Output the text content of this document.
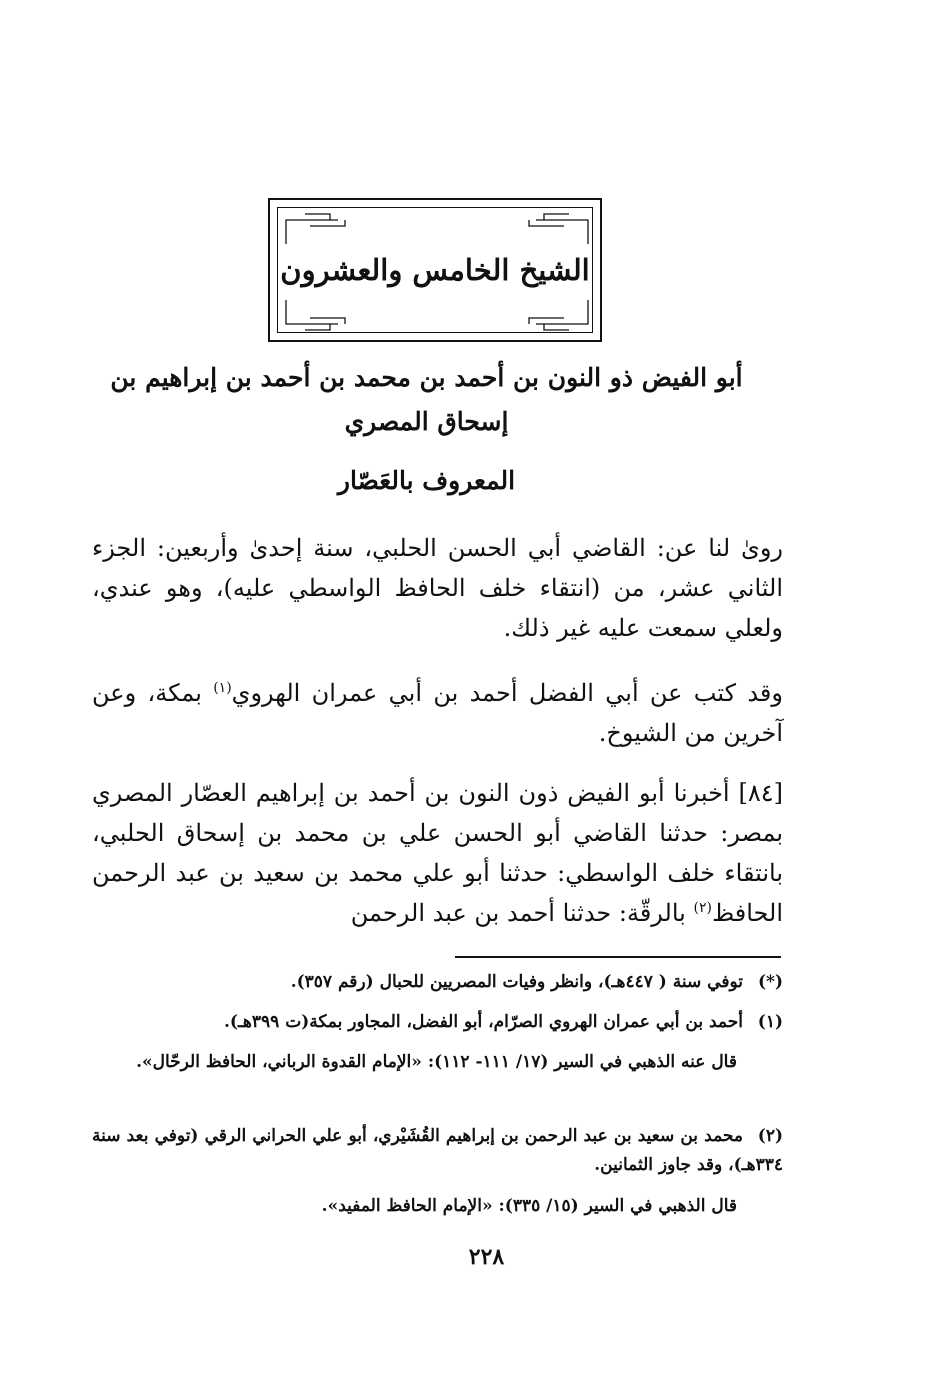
الشيخ الخامس والعشرون
أبو الفيض ذو النون بن أحمد بن محمد بن أحمد بن إبراهيم بن
إسحاق المصري
المعروف بالعَصّار
روىٰ لنا عن: القاضي أبي الحسن الحلبي، سنة إحدىٰ وأربعين: الجزء الثاني عشر، من (انتقاء خلف الحافظ الواسطي عليه)، وهو عندي، ولعلي سمعت عليه غير ذلك.
وقد كتب عن أبي الفضل أحمد بن أبي عمران الهروي$^{(١)}$ بمكة، وعن آخرين من الشيوخ.
[٨٤] أخبرنا أبو الفيض ذون النون بن أحمد بن إبراهيم العصّار المصري بمصر: حدثنا القاضي أبو الحسن علي بن محمد بن إسحاق الحلبي، بانتقاء خلف الواسطي: حدثنا أبو علي محمد بن سعيد بن عبد الرحمن الحافظ$^{(٢)}$ بالرقّة: حدثنا أحمد بن عبد الرحمن
(*)توفي سنة ( ٤٤٧هـ)، وانظر وفيات المصريين للحبال (رقم ٣٥٧).
(١)أحمد بن أبي عمران الهروي الصرّام، أبو الفضل، المجاور بمكة(ت ٣٩٩هـ).
قال عنه الذهبي في السير (١٧/ ١١١- ١١٢): «الإمام القدوة الرباني، الحافظ الرحّال».
(٢)محمد بن سعيد بن عبد الرحمن بن إبراهيم القُشَيْري، أبو علي الحراني الرقي (توفي بعد سنة ٣٣٤هـ)، وقد جاوز الثمانين.
قال الذهبي في السير (١٥/ ٣٣٥): «الإمام الحافظ المفيد».
٢٢٨
